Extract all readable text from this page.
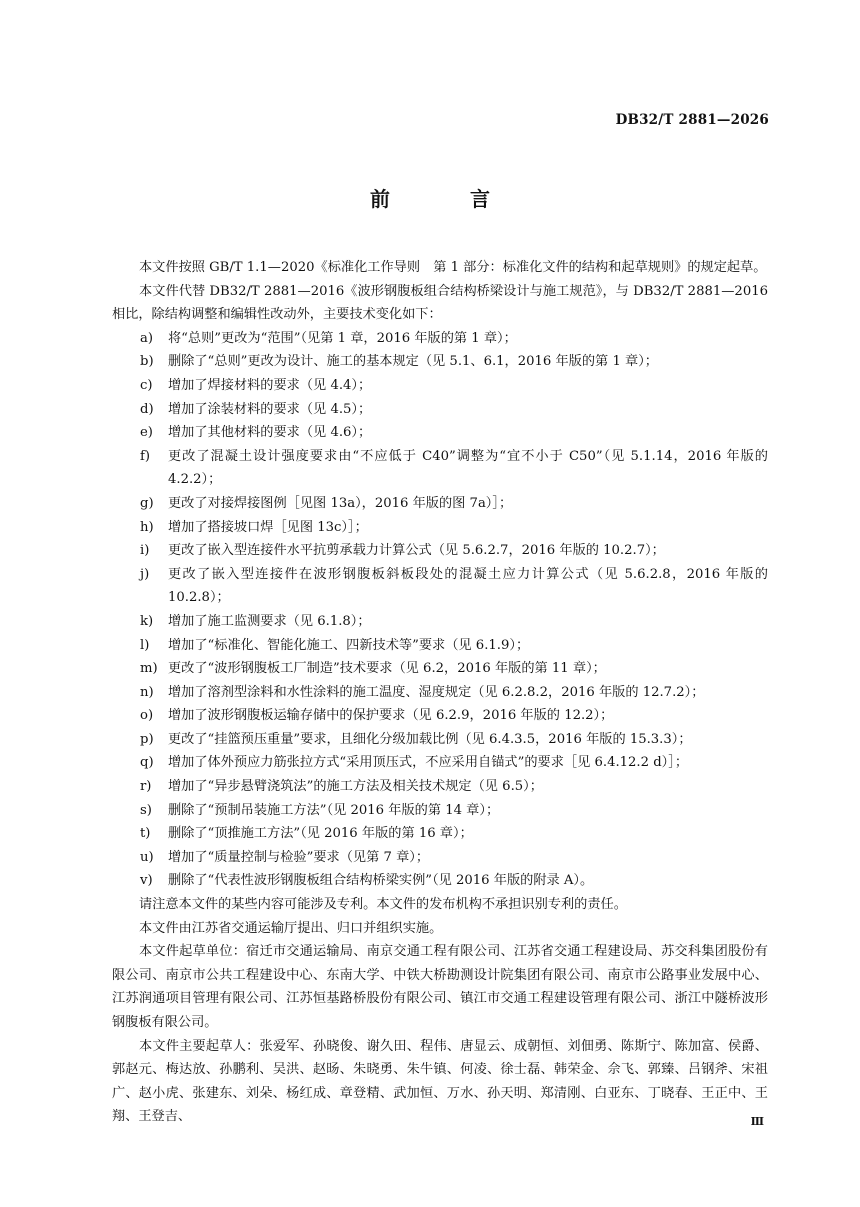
DB32/T 2881—2026
前　言

本文件按照 GB/T 1.1—2020《标准化工作导则　第 1 部分：标准化文件的结构和起草规则》的规定起草。

本文件代替 DB32/T 2881—2016《波形钢腹板组合结构桥梁设计与施工规范》，与 DB32/T 2881—2016 相比，除结构调整和编辑性改动外，主要技术变化如下：

a) 将“总则”更改为“范围”（见第 1 章，2016 年版的第 1 章）；
b) 删除了“总则”更改为设计、施工的基本规定（见 5.1、6.1，2016 年版的第 1 章）；
c) 增加了焊接材料的要求（见 4.4）；
d) 增加了涂装材料的要求（见 4.5）；
e) 增加了其他材料的要求（见 4.6）；
f) 更改了混凝土设计强度要求由“不应低于 C40”调整为“宜不小于 C50”（见 5.1.14，2016 年版的 4.2.2）；
g) 更改了对接焊接图例［见图 13a），2016 年版的图 7a）］；
h) 增加了搭接坡口焊［见图 13c）］；
i) 更改了嵌入型连接件水平抗剪承载力计算公式（见 5.6.2.7，2016 年版的 10.2.7）；
j) 更改了嵌入型连接件在波形钢腹板斜板段处的混凝土应力计算公式（见 5.6.2.8，2016 年版的 10.2.8）；
k) 增加了施工监测要求（见 6.1.8）；
l) 增加了“标准化、智能化施工、四新技术等”要求（见 6.1.9）；
m) 更改了“波形钢腹板工厂制造”技术要求（见 6.2，2016 年版的第 11 章）；
n) 增加了溶剂型涂料和水性涂料的施工温度、湿度规定（见 6.2.8.2，2016 年版的 12.7.2）；
o) 增加了波形钢腹板运输存储中的保护要求（见 6.2.9，2016 年版的 12.2）；
p) 更改了“挂篮预压重量”要求，且细化分级加载比例（见 6.4.3.5，2016 年版的 15.3.3）；
q) 增加了体外预应力筋张拉方式“采用顶压式，不应采用自锚式”的要求［见 6.4.12.2 d）］；
r) 增加了“异步悬臂浇筑法”的施工方法及相关技术规定（见 6.5）；
s) 删除了“预制吊装施工方法”（见 2016 年版的第 14 章）；
t) 删除了“顶推施工方法”（见 2016 年版的第 16 章）；
u) 增加了“质量控制与检验”要求（见第 7 章）；
v) 删除了“代表性波形钢腹板组合结构桥梁实例”（见 2016 年版的附录 A）。

请注意本文件的某些内容可能涉及专利。本文件的发布机构不承担识别专利的责任。

本文件由江苏省交通运输厅提出、归口并组织实施。

本文件起草单位：宿迁市交通运输局、南京交通工程有限公司、江苏省交通工程建设局、苏交科集团股份有限公司、南京市公共工程建设中心、东南大学、中铁大桥勘测设计院集团有限公司、南京市公路事业发展中心、江苏润通项目管理有限公司、江苏恒基路桥股份有限公司、镇江市交通工程建设管理有限公司、浙江中隧桥波形钢腹板有限公司。

本文件主要起草人：张爱军、孙晓俊、谢久田、程伟、唐显云、成朝恒、刘佃勇、陈斯宁、陈加富、侯爵、郭赵元、梅达放、孙鹏利、吴洪、赵旸、朱晓勇、朱牛镇、何凌、徐士磊、韩荣金、佘飞、郭臻、吕钢斧、宋祖广、赵小虎、张建东、刘朵、杨红成、章登精、武加恒、万水、孙天明、郑清刚、白亚东、丁晓春、王正中、王翔、王登吉、	Ⅲ
